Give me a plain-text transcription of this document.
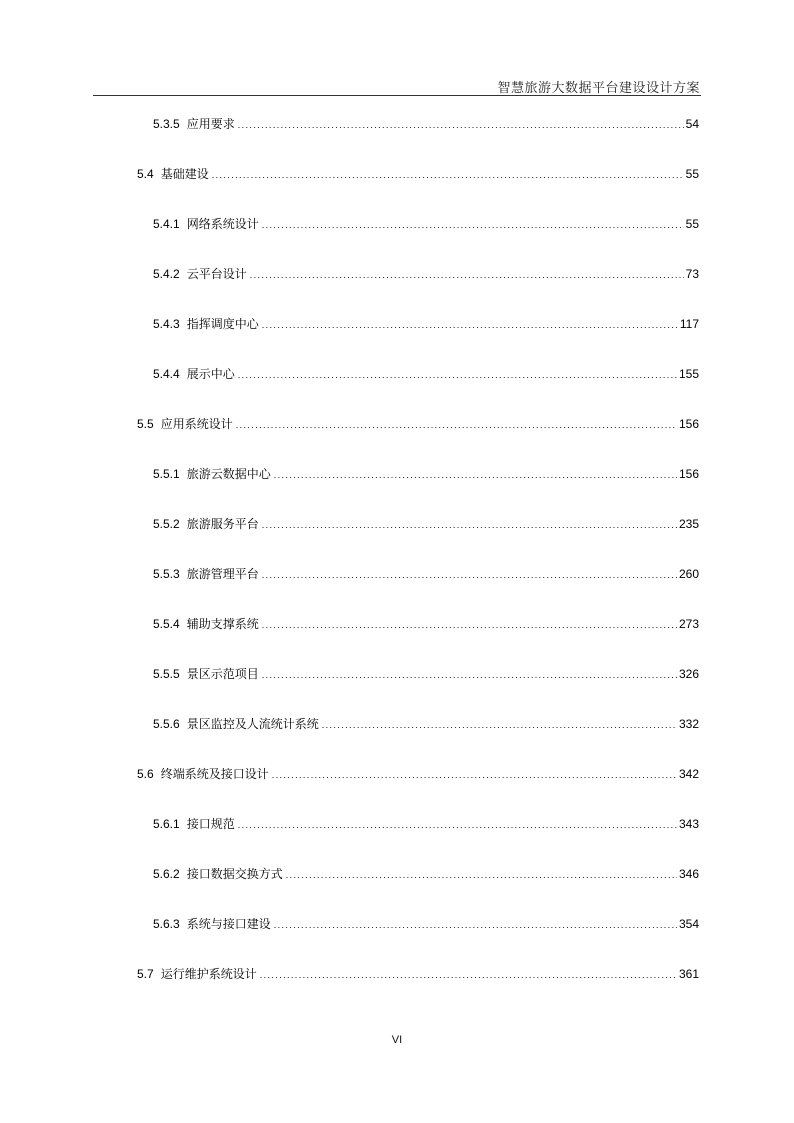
智慧旅游大数据平台建设设计方案
5.3.5 应用要求 .....	54
5.4 基础建设 .....	55
5.4.1 网络系统设计 .....	55
5.4.2 云平台设计 .....	73
5.4.3 指挥调度中心 .....	117
5.4.4 展示中心 .....	155
5.5 应用系统设计 .....	156
5.5.1 旅游云数据中心 .....	156
5.5.2 旅游服务平台 .....	235
5.5.3 旅游管理平台 .....	260
5.5.4 辅助支撑系统 .....	273
5.5.5 景区示范项目 .....	326
5.5.6 景区监控及人流统计系统 .....	332
5.6 终端系统及接口设计 .....	342
5.6.1 接口规范 .....	343
5.6.2 接口数据交换方式 .....	346
5.6.3 系统与接口建设 .....	354
5.7 运行维护系统设计 .....	361
VI
